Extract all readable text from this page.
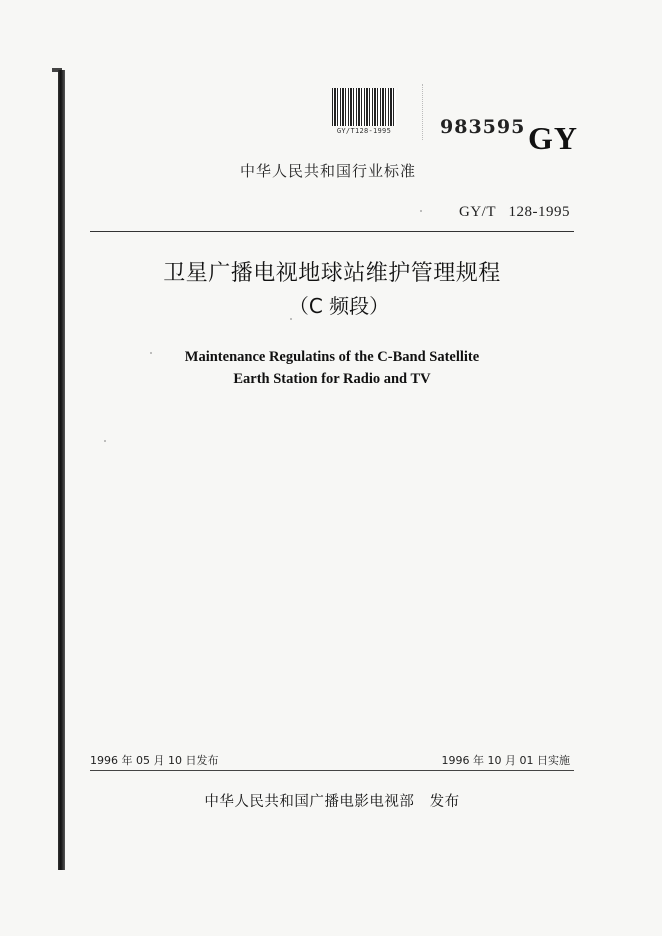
GY/T128-1995	983595 GY
中华人民共和国行业标准
GY/T   128-1995
卫星广播电视地球站维护管理规程
（C 频段）
Maintenance Regulatins of the C-Band Satellite
Earth Station for Radio and TV
1996 年 05 月 10 日发布	1996 年 10 月 01 日实施
中华人民共和国广播电影电视部   发布
